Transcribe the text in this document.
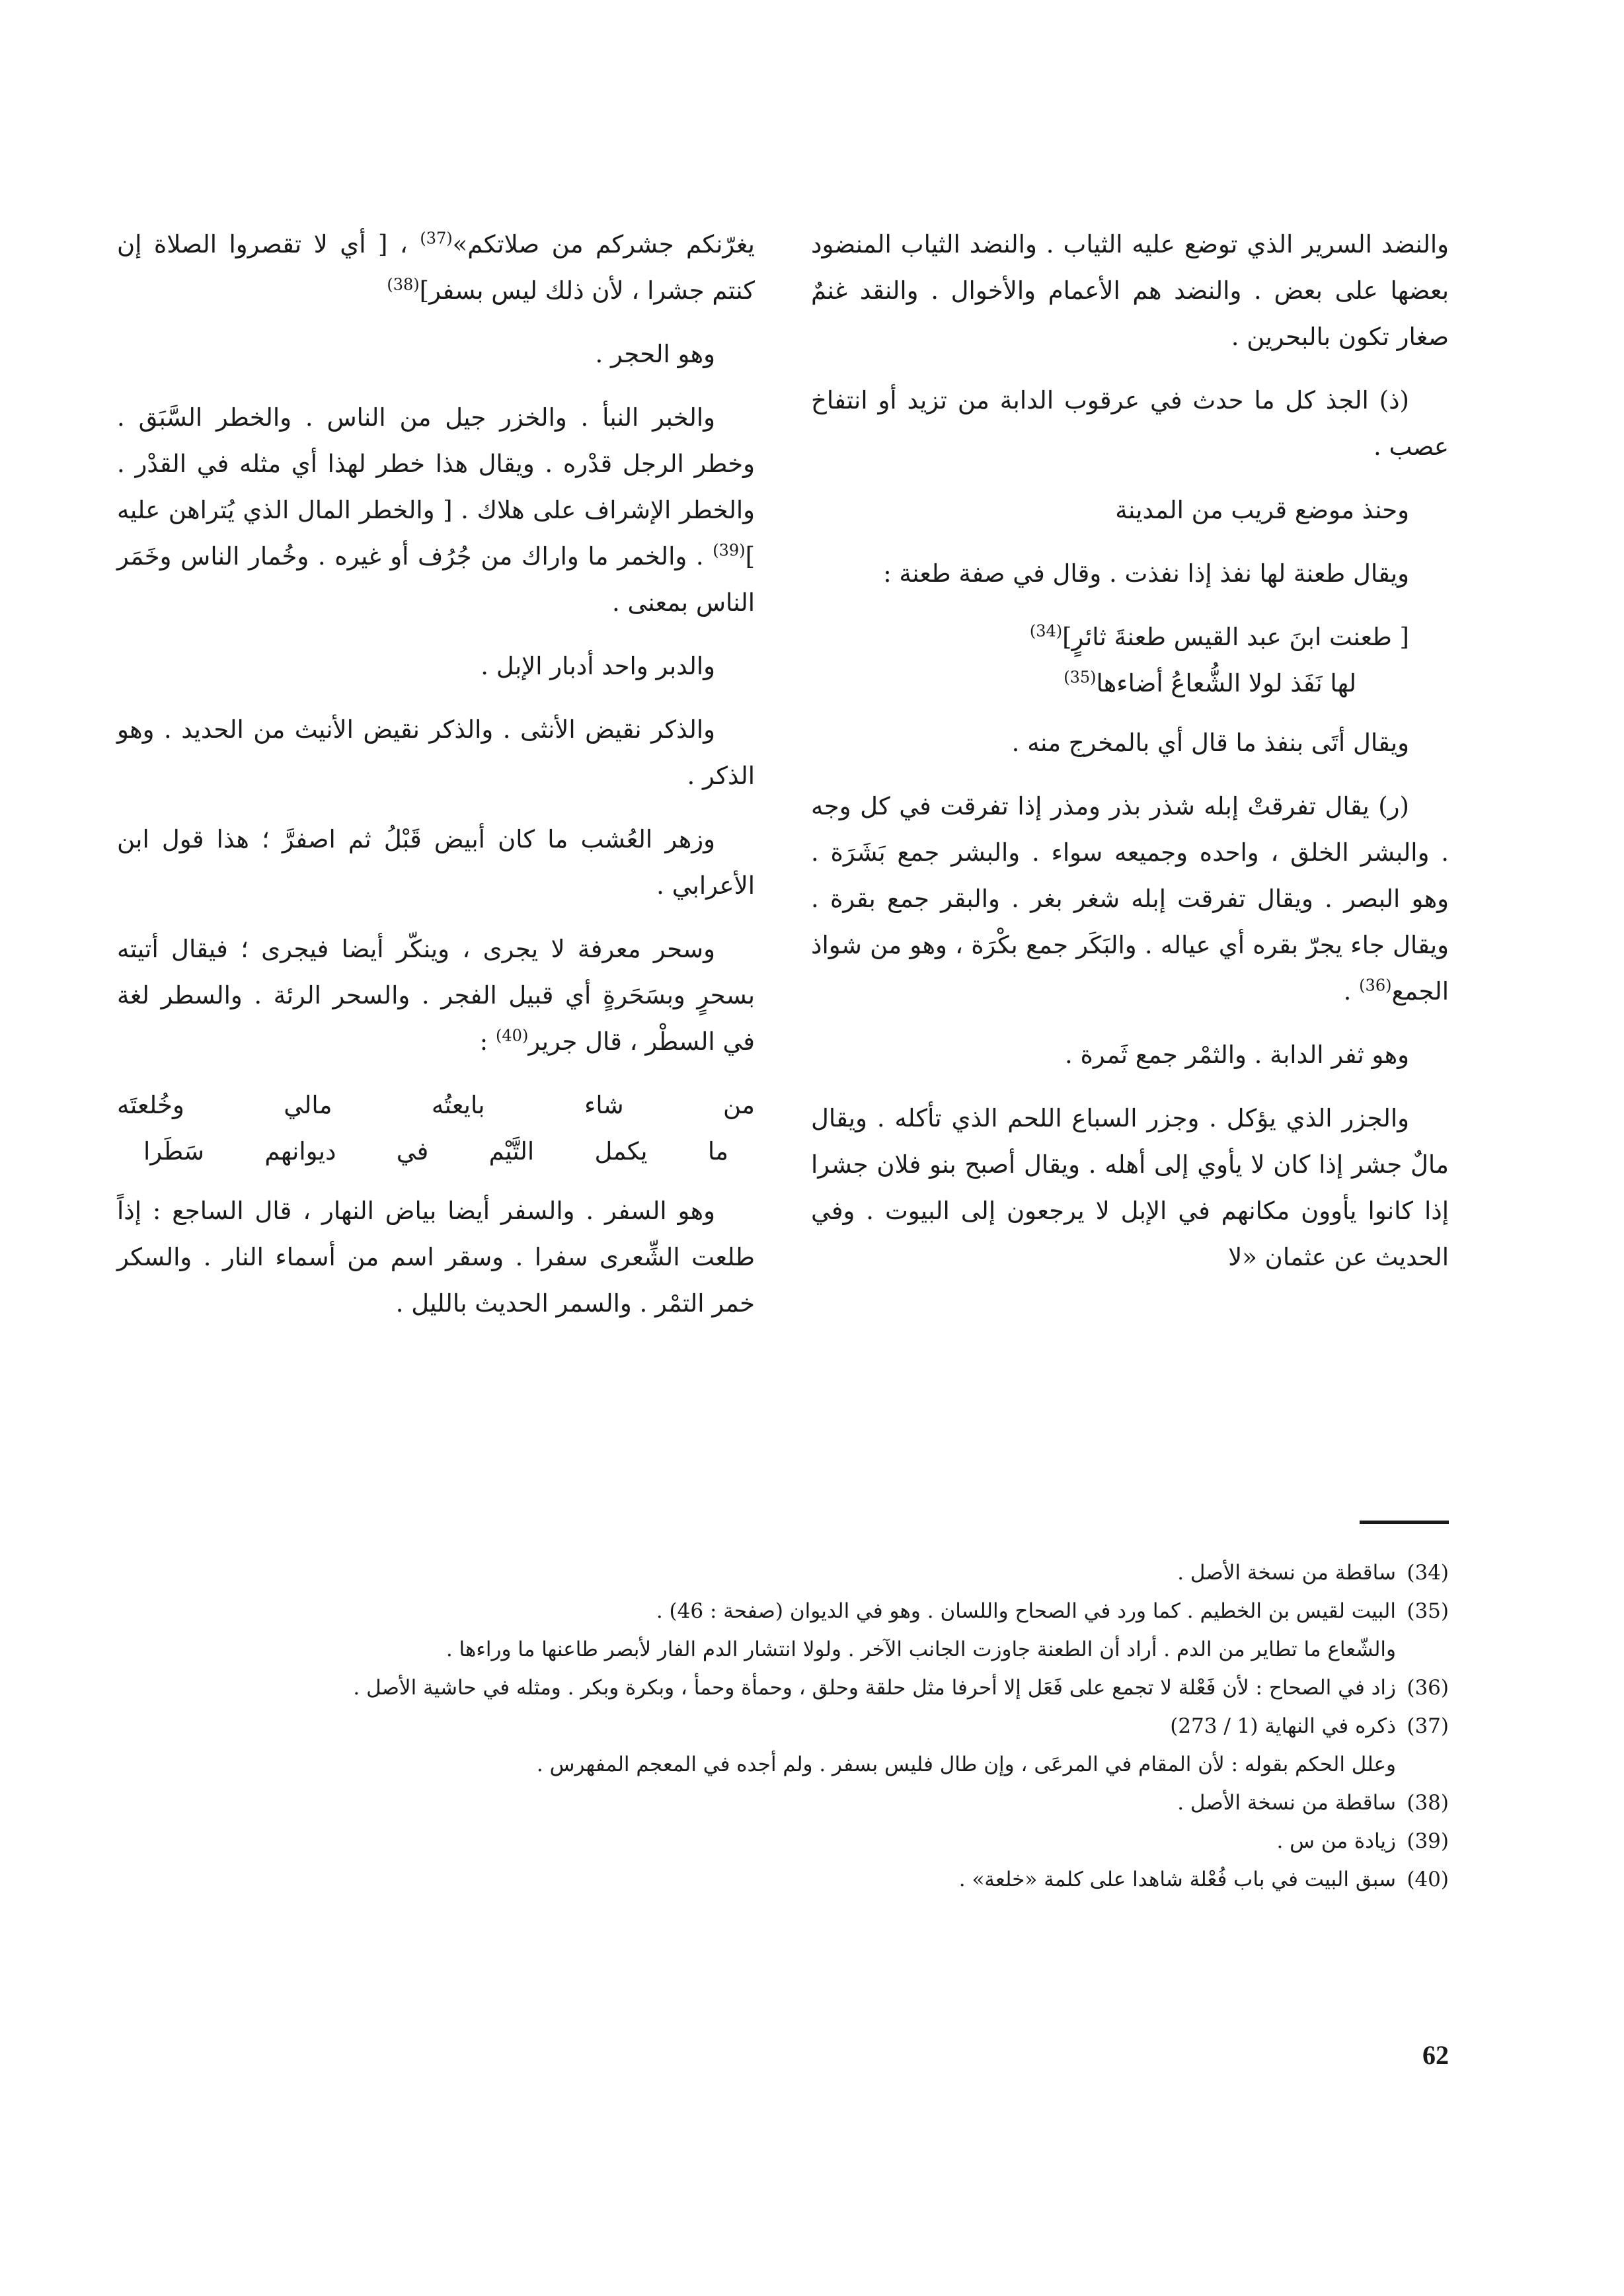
والنضد السرير الذي توضع عليه الثياب . والنضد الثياب المنضود بعضها على بعض . والنضد هم الأعمام والأخوال . والنقد غنمٌ صغار تكون بالبحرين .

(ذ) الجذ كل ما حدث في عرقوب الدابة من تزيد أو انتفاخ عصب .

وحنذ موضع قريب من المدينة

ويقال طعنة لها نفذ إذا نفذت . وقال في صفة طعنة :

[ طعنت ابنَ عبد القيس طعنةَ ثائرٍ]$^{(34)}$
لها نَفَذ لولا الشُّعاعُ أضاءها$^{(35)}$

ويقال أتَى بنفذ ما قال أي بالمخرج منه .

(ر) يقال تفرقتْ إبله شذر بذر ومذر إذا تفرقت في كل وجه . والبشر الخلق ، واحده وجميعه سواء . والبشر جمع بَشَرَة . وهو البصر . ويقال تفرقت إبله شغر بغر . والبقر جمع بقرة . ويقال جاء يجرّ بقره أي عياله . والبَكَر جمع بكْرَة ، وهو من شواذ الجمع$^{(36)}$ .

وهو ثفر الدابة . والثمْر جمع ثَمرة .

والجزر الذي يؤكل . وجزر السباع اللحم الذي تأكله . ويقال مالٌ جشر إذا كان لا يأوي إلى أهله . ويقال أصبح بنو فلان جشرا إذا كانوا يأوون مكانهم في الإبل لا يرجعون إلى البيوت . وفي الحديث عن عثمان «لا

يغرّنكم جشركم من صلاتكم»$^{(37)}$ ، [ أي لا تقصروا الصلاة إن كنتم جشرا ، لأن ذلك ليس بسفر]$^{(38)}$

وهو الحجر .

والخبر النبأ . والخزر جيل من الناس . والخطر السَّبَق . وخطر الرجل قدْره . ويقال هذا خطر لهذا أي مثله في القدْر . والخطر الإشراف على هلاك . [ والخطر المال الذي يُتراهن عليه ]$^{(39)}$ . والخمر ما واراك من جُرُف أو غيره . وخُمار الناس وخَمَر الناس بمعنى .

والدبر واحد أدبار الإبل .

والذكر نقيض الأنثى . والذكر نقيض الأنيث من الحديد . وهو الذكر .

وزهر العُشب ما كان أبيض قَبْلُ ثم اصفرَّ ؛ هذا قول ابن الأعرابي .

وسحر معرفة لا يجرى ، وينكّر أيضا فيجرى ؛ فيقال أتيته بسحرٍ وبسَحَرةٍ أي قبيل الفجر . والسحر الرئة . والسطر لغة في السطْر ، قال جرير$^{(40)}$ :

من شاء بايعتُه مالي وخُلعتَه
ما يكمل التَّيْم في ديوانهم سَطَرا

وهو السفر . والسفر أيضا بياض النهار ، قال الساجع : إذاً طلعت الشِّعرى سفرا . وسقر اسم من أسماء النار . والسكر خمر التمْر . والسمر الحديث بالليل .

(34)
ساقطة من نسخة الأصل .
(35)
البيت لقيس بن الخطيم . كما ورد في الصحاح واللسان . وهو في الديوان (صفحة : 46) .
والشّعاع ما تطاير من الدم . أراد أن الطعنة جاوزت الجانب الآخر . ولولا انتشار الدم الفار لأبصر طاعنها ما وراءها .
(36)
زاد في الصحاح : لأن فَعْلة لا تجمع على فَعَل إلا أحرفا مثل حلقة وحلق ، وحمأة وحمأ ، وبكرة وبكر . ومثله في حاشية الأصل .
(37)
ذكره في النهاية (1 / 273)
وعلل الحكم بقوله : لأن المقام في المرعَى ، وإن طال فليس بسفر . ولم أجده في المعجم المفهرس .
(38)
ساقطة من نسخة الأصل .
(39)
زيادة من س .
(40)
سبق البيت في باب فُعْلة شاهدا على كلمة «خلعة» .
62
